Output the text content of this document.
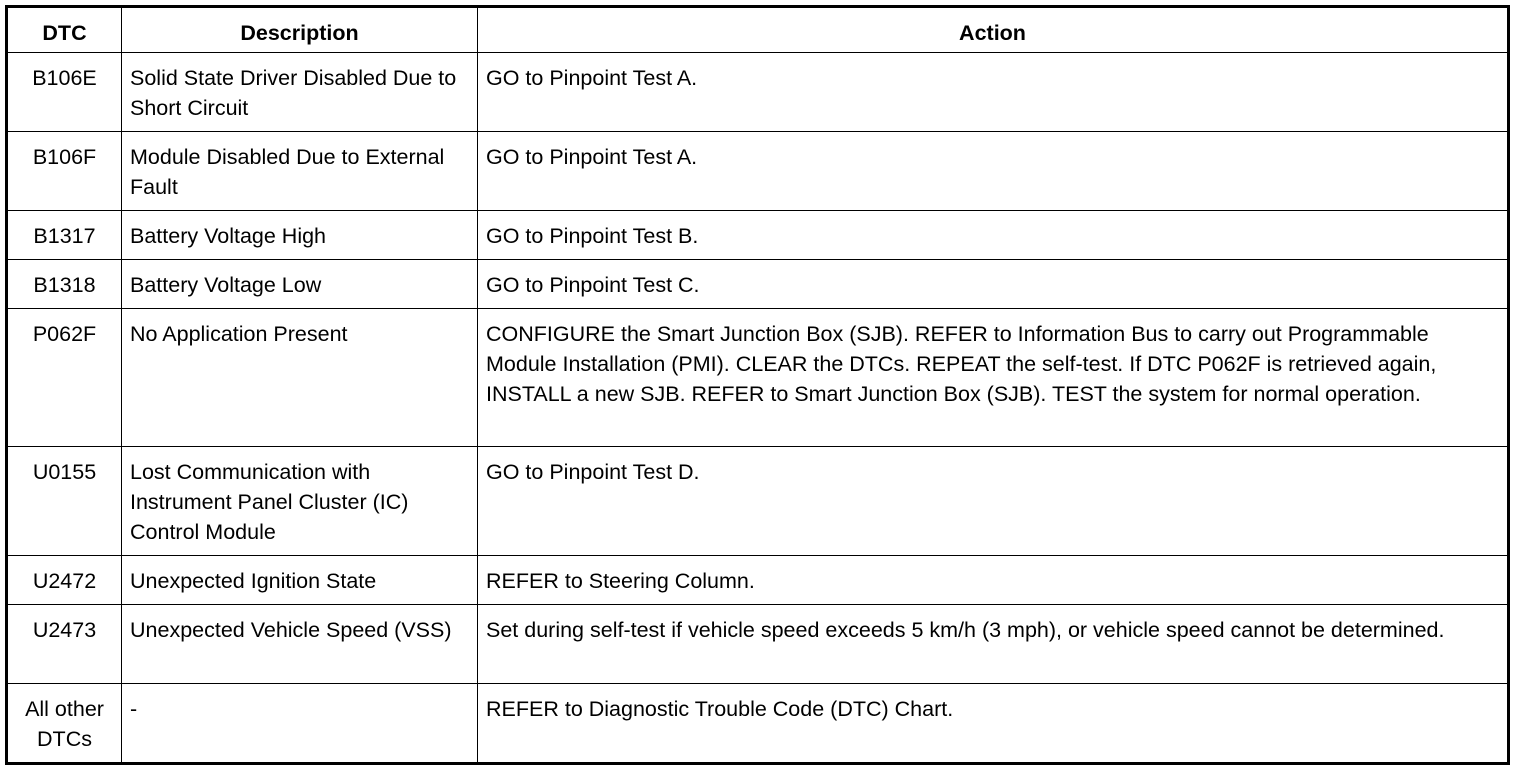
DTC	Description	Action
B106E	Solid State Driver Disabled Due to Short Circuit	GO to Pinpoint Test A.
B106F	Module Disabled Due to External Fault	GO to Pinpoint Test A.
B1317	Battery Voltage High	GO to Pinpoint Test B.
B1318	Battery Voltage Low	GO to Pinpoint Test C.
P062F	No Application Present	CONFIGURE the Smart Junction Box (SJB). REFER to Information Bus to carry out Programmable Module Installation (PMI). CLEAR the DTCs. REPEAT the self-test. If DTC P062F is retrieved again, INSTALL a new SJB. REFER to Smart Junction Box (SJB). TEST the system for normal operation.
U0155	Lost Communication with Instrument Panel Cluster (IC) Control Module	GO to Pinpoint Test D.
U2472	Unexpected Ignition State	REFER to Steering Column.
U2473	Unexpected Vehicle Speed (VSS)	Set during self-test if vehicle speed exceeds 5 km/h (3 mph), or vehicle speed cannot be determined.
All other DTCs	-	REFER to Diagnostic Trouble Code (DTC) Chart.
